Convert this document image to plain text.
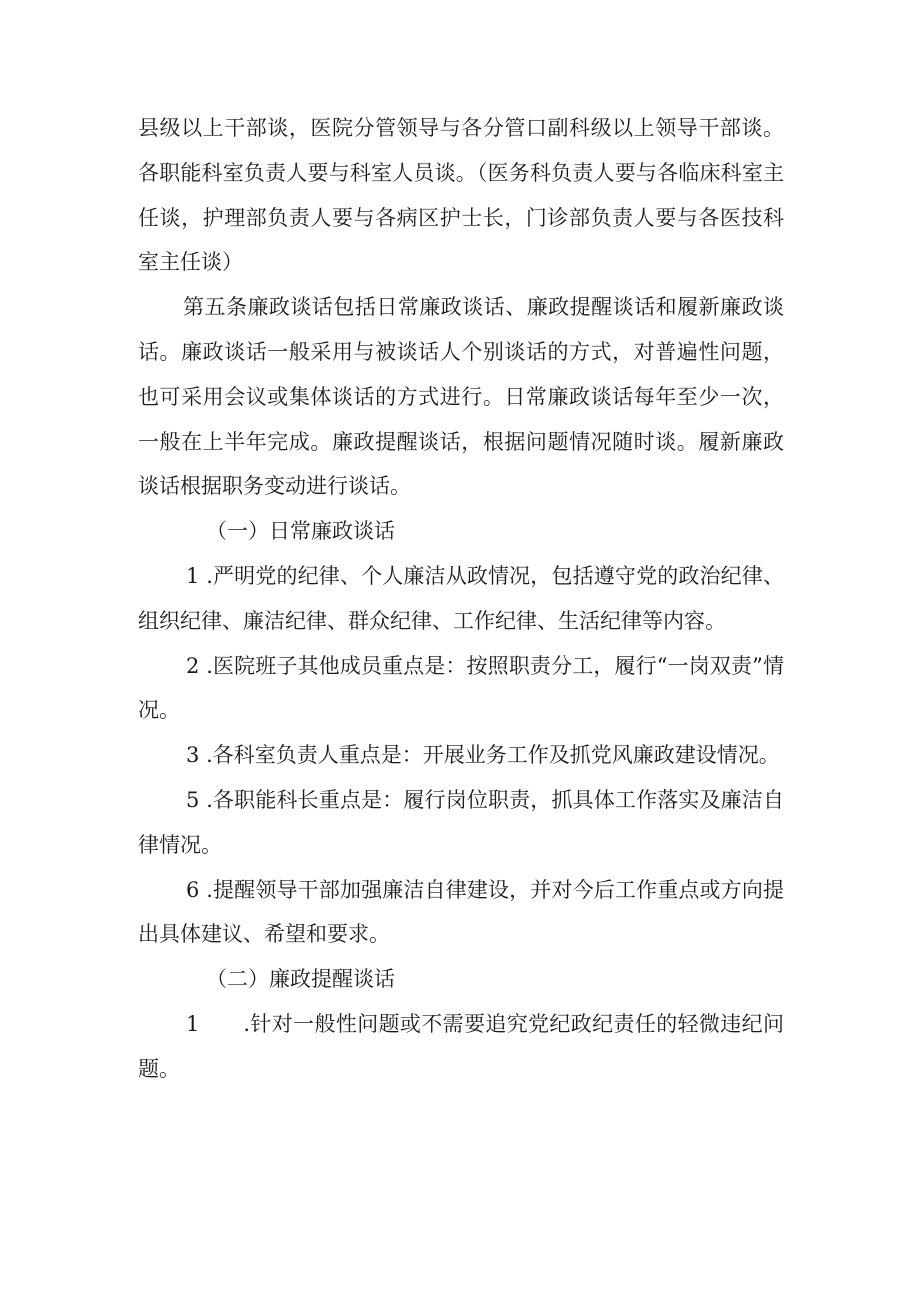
县级以上干部谈，医院分管领导与各分管口副科级以上领导干部谈。各职能科室负责人要与科室人员谈。（医务科负责人要与各临床科室主任谈，护理部负责人要与各病区护士长，门诊部负责人要与各医技科室主任谈）

第五条廉政谈话包括日常廉政谈话、廉政提醒谈话和履新廉政谈话。廉政谈话一般采用与被谈话人个别谈话的方式，对普遍性问题，也可采用会议或集体谈话的方式进行。日常廉政谈话每年至少一次，一般在上半年完成。廉政提醒谈话，根据问题情况随时谈。履新廉政谈话根据职务变动进行谈话。

（一）日常廉政谈话

1 .严明党的纪律、个人廉洁从政情况，包括遵守党的政治纪律、组织纪律、廉洁纪律、群众纪律、工作纪律、生活纪律等内容。

2 .医院班子其他成员重点是：按照职责分工，履行“一岗双责”情况。

3 .各科室负责人重点是：开展业务工作及抓党风廉政建设情况。

5 .各职能科长重点是：履行岗位职责，抓具体工作落实及廉洁自律情况。

6 .提醒领导干部加强廉洁自律建设，并对今后工作重点或方向提出具体建议、希望和要求。

（二）廉政提醒谈话

1 .针对一般性问题或不需要追究党纪政纪责任的轻微违纪问题。
